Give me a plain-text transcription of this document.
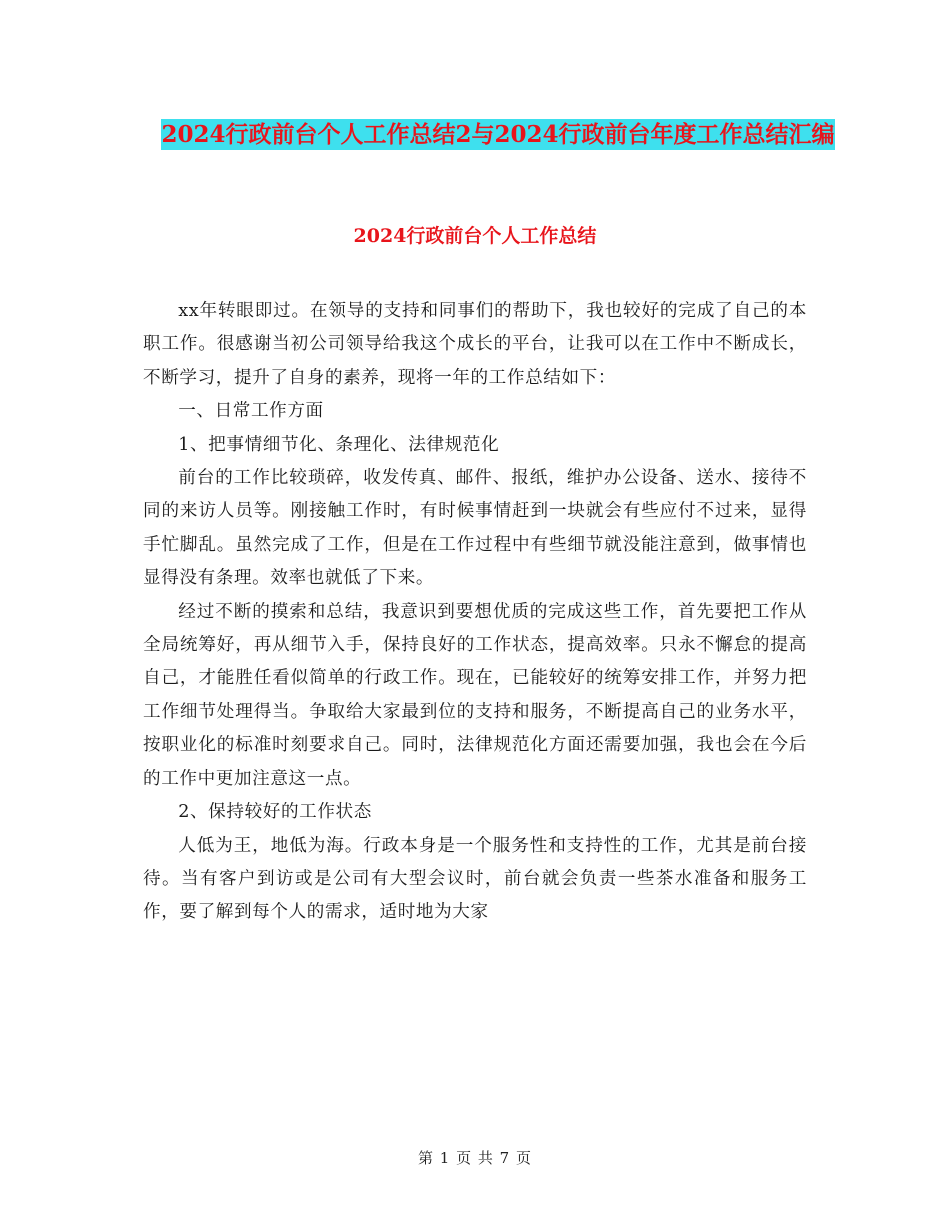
2024行政前台个人工作总结2与2024行政前台年度工作总结汇编
2024行政前台个人工作总结

xx年转眼即过。在领导的支持和同事们的帮助下，我也较好的完成了自己的本职工作。很感谢当初公司领导给我这个成长的平台，让我可以在工作中不断成长，不断学习，提升了自身的素养，现将一年的工作总结如下：

一、日常工作方面

1、把事情细节化、条理化、法律规范化

前台的工作比较琐碎，收发传真、邮件、报纸，维护办公设备、送水、接待不同的来访人员等。刚接触工作时，有时候事情赶到一块就会有些应付不过来，显得手忙脚乱。虽然完成了工作，但是在工作过程中有些细节就没能注意到，做事情也显得没有条理。效率也就低了下来。

经过不断的摸索和总结，我意识到要想优质的完成这些工作，首先要把工作从全局统筹好，再从细节入手，保持良好的工作状态，提高效率。只永不懈怠的提高自己，才能胜任看似简单的行政工作。现在，已能较好的统筹安排工作，并努力把工作细节处理得当。争取给大家最到位的支持和服务，不断提高自己的业务水平，按职业化的标准时刻要求自己。同时，法律规范化方面还需要加强，我也会在今后的工作中更加注意这一点。

2、保持较好的工作状态

人低为王，地低为海。行政本身是一个服务性和支持性的工作，尤其是前台接待。当有客户到访或是公司有大型会议时，前台就会负责一些茶水准备和服务工作，要了解到每个人的需求，适时地为大家

第 1 页 共 7 页
